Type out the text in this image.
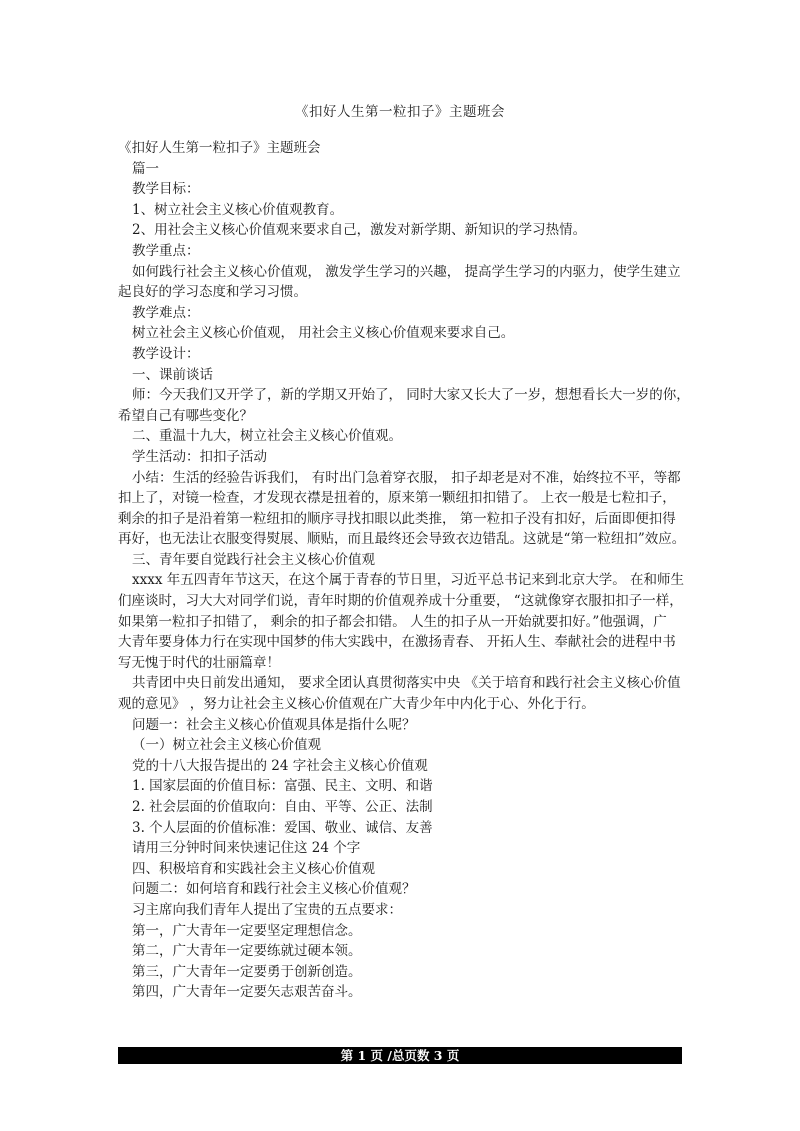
《扣好人生第一粒扣子》主题班会
《扣好人生第一粒扣子》主题班会
篇一
教学目标：
1、树立社会主义核心价值观教育。
2、用社会主义核心价值观来要求自己，激发对新学期、新知识的学习热情。
教学重点：
如何践行社会主义核心价值观， 激发学生学习的兴趣， 提高学生学习的内驱力，使学生建立
起良好的学习态度和学习习惯。
教学难点：
树立社会主义核心价值观， 用社会主义核心价值观来要求自己。
教学设计：
一、课前谈话
师：今天我们又开学了，新的学期又开始了， 同时大家又长大了一岁，想想看长大一岁的你，
希望自己有哪些变化？
二、重温十九大，树立社会主义核心价值观。
学生活动：扣扣子活动
小结：生活的经验告诉我们， 有时出门急着穿衣服， 扣子却老是对不准，始终拉不平，等都
扣上了，对镜一检查，才发现衣襟是扭着的，原来第一颗纽扣扣错了。 上衣一般是七粒扣子，
剩余的扣子是沿着第一粒纽扣的顺序寻找扣眼以此类推， 第一粒扣子没有扣好，后面即便扣得
再好，也无法让衣服变得熨展、顺贴，而且最终还会导致衣边错乱。这就是“第一粒纽扣”效应。
三、青年要自觉践行社会主义核心价值观
xxxx 年五四青年节这天，在这个属于青春的节日里，习近平总书记来到北京大学。 在和师生
们座谈时，习大大对同学们说，青年时期的价值观养成十分重要， “这就像穿衣服扣扣子一样，
如果第一粒扣子扣错了， 剩余的扣子都会扣错。 人生的扣子从一开始就要扣好。”他强调，广
大青年要身体力行在实现中国梦的伟大实践中，在激扬青春、 开拓人生、奉献社会的进程中书
写无愧于时代的壮丽篇章！
共青团中央日前发出通知， 要求全团认真贯彻落实中央 《关于培育和践行社会主义核心价值
观的意见》 ，努力让社会主义核心价值观在广大青少年中内化于心、外化于行。
问题一：社会主义核心价值观具体是指什么呢？
（一）树立社会主义核心价值观
党的十八大报告提出的 24 字社会主义核心价值观
1. 国家层面的价值目标：富强、民主、文明、和谐
2. 社会层面的价值取向：自由、平等、公正、法制
3. 个人层面的价值标准：爱国、敬业、诚信、友善
请用三分钟时间来快速记住这 24 个字
四、积极培育和实践社会主义核心价值观
问题二：如何培育和践行社会主义核心价值观？
习主席向我们青年人提出了宝贵的五点要求：
第一，广大青年一定要坚定理想信念。
第二，广大青年一定要练就过硬本领。
第三，广大青年一定要勇于创新创造。
第四，广大青年一定要矢志艰苦奋斗。
第 1 页 /总页数 3 页
